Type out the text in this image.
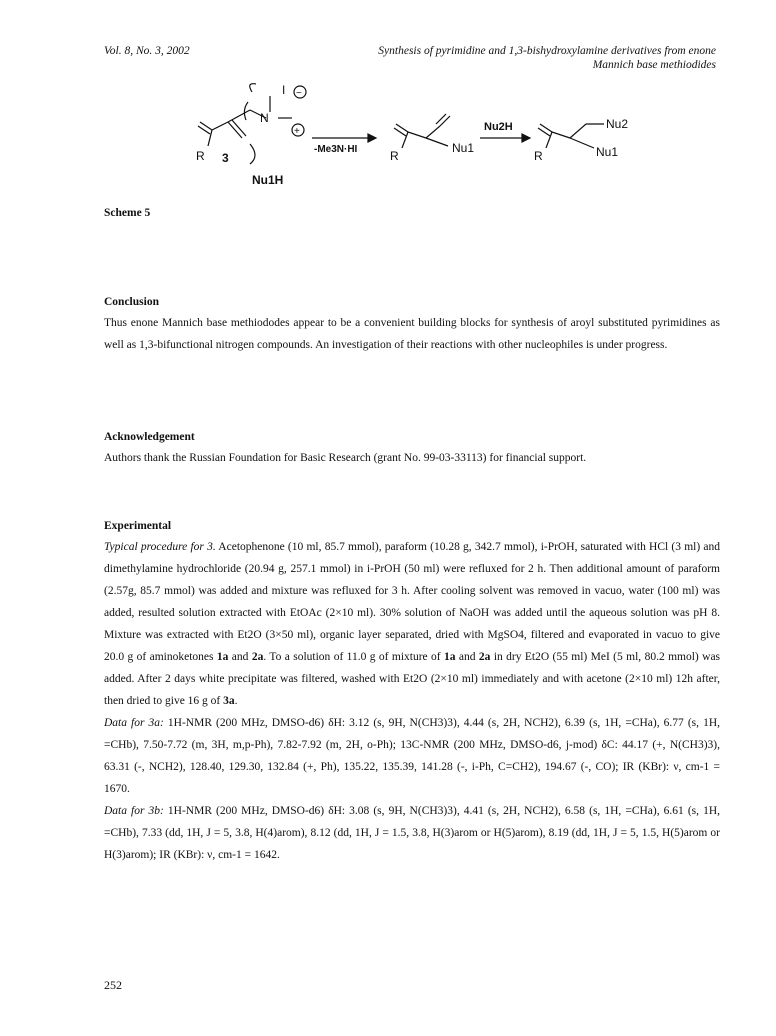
Vol. 8, No. 3, 2002	Synthesis of pyrimidine and 1,3-bishydroxylamine derivatives from enone
Mannich base methiodides
N
I
+
−
R 3
Nu1H
-Me3N·HI	R
Nu1
Nu2H
R
Nu2
Nu1
Scheme 5
Conclusion
Thus enone Mannich base methiododes appear to be a convenient building blocks for synthesis of aroyl substituted pyrimidines as well as 1,3-bifunctional nitrogen compounds. An investigation of their reactions with other nucleophiles is under progress.
Acknowledgement
Authors thank the Russian Foundation for Basic Research (grant No. 99-03-33113) for financial support.
Experimental
Typical procedure for 3. Acetophenone (10 ml, 85.7 mmol), paraform (10.28 g, 342.7 mmol), i-PrOH, saturated with HCl (3 ml) and dimethylamine hydrochloride (20.94 g, 257.1 mmol) in i-PrOH (50 ml) were refluxed for 2 h. Then additional amount of paraform (2.57g, 85.7 mmol) was added and mixture was refluxed for 3 h. After cooling solvent was removed in vacuo, water (100 ml) was added, resulted solution extracted with EtOAc (2×10 ml). 30% solution of NaOH was added until the aqueous solution was pH 8. Mixture was extracted with Et2O (3×50 ml), organic layer separated, dried with MgSO4, filtered and evaporated in vacuo to give 20.0 g of aminoketones 1a and 2a. To a solution of 11.0 g of mixture of 1a and 2a in dry Et2O (55 ml) MeI (5 ml, 80.2 mmol) was added. After 2 days white precipitate was filtered, washed with Et2O (2×10 ml) immediately and with acetone (2×10 ml) 12h after, then dried to give 16 g of 3a.
Data for 3a: 1H-NMR (200 MHz, DMSO-d6) δH: 3.12 (s, 9H, N(CH3)3), 4.44 (s, 2H, NCH2), 6.39 (s, 1H, =CHa), 6.77 (s, 1H, =CHb), 7.50-7.72 (m, 3H, m,p-Ph), 7.82-7.92 (m, 2H, o-Ph); 13C-NMR (200 MHz, DMSO-d6, j-mod) δC: 44.17 (+, N(CH3)3), 63.31 (-, NCH2), 128.40, 129.30, 132.84 (+, Ph), 135.22, 135.39, 141.28 (-, i-Ph, C=CH2), 194.67 (-, CO); IR (KBr): ν, cm-1 = 1670.
Data for 3b: 1H-NMR (200 MHz, DMSO-d6) δH: 3.08 (s, 9H, N(CH3)3), 4.41 (s, 2H, NCH2), 6.58 (s, 1H, =CHa), 6.61 (s, 1H, =CHb), 7.33 (dd, 1H, J = 5, 3.8, H(4)arom), 8.12 (dd, 1H, J = 1.5, 3.8, H(3)arom or H(5)arom), 8.19 (dd, 1H, J = 5, 1.5, H(5)arom or H(3)arom); IR (KBr): ν, cm-1 = 1642.
252
